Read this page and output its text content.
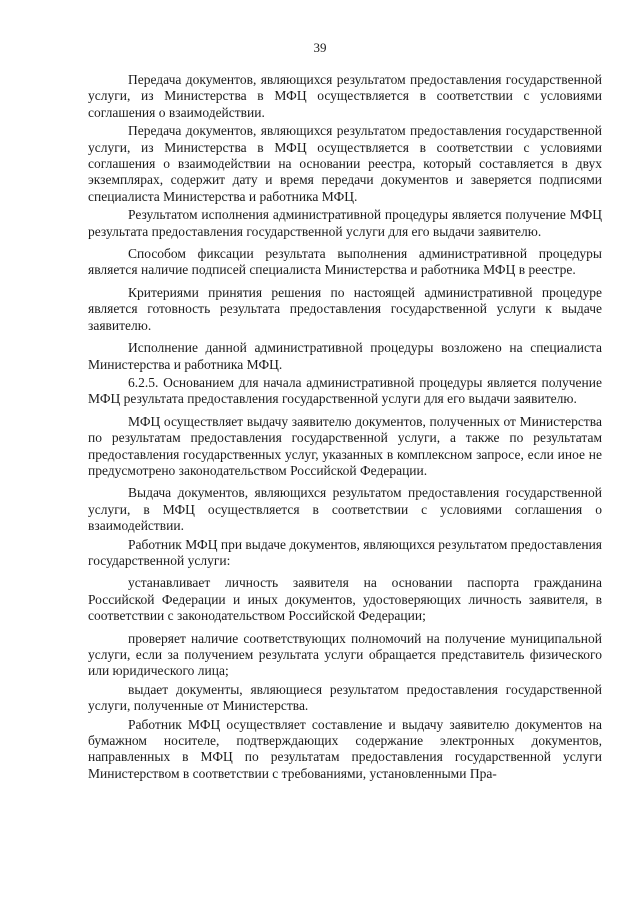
39

Передача документов, являющихся результатом предоставления государственной услуги, из Министерства в МФЦ осуществляется в соответствии с условиями соглашения о взаимодействии.

Передача документов, являющихся результатом предоставления государственной услуги, из Министерства в МФЦ осуществляется в соответствии с условиями соглашения о взаимодействии на основании реестра, который составляется в двух экземплярах, содержит дату и время передачи документов и заверяется подписями специалиста Министерства и работника МФЦ.

Результатом исполнения административной процедуры является получение МФЦ результата предоставления государственной услуги для его выдачи заявителю.

Способом фиксации результата выполнения административной процедуры является наличие подписей специалиста Министерства и работника МФЦ в реестре.

Критериями принятия решения по настоящей административной процедуре является готовность результата предоставления государственной услуги к выдаче заявителю.

Исполнение данной административной процедуры возложено на специалиста Министерства и работника МФЦ.

6.2.5. Основанием для начала административной процедуры является получение МФЦ результата предоставления государственной услуги для его выдачи заявителю.

МФЦ осуществляет выдачу заявителю документов, полученных от Министерства по результатам предоставления государственной услуги, а также по результатам предоставления государственных услуг, указанных в комплексном запросе, если иное не предусмотрено законодательством Российской Федерации.

Выдача документов, являющихся результатом предоставления государственной услуги, в МФЦ осуществляется в соответствии с условиями соглашения о взаимодействии.

Работник МФЦ при выдаче документов, являющихся результатом предоставления государственной услуги:

устанавливает личность заявителя на основании паспорта гражданина Российской Федерации и иных документов, удостоверяющих личность заявителя, в соответствии с законодательством Российской Федерации;

проверяет наличие соответствующих полномочий на получение муниципальной услуги, если за получением результата услуги обращается представитель физического или юридического лица;

выдает документы, являющиеся результатом предоставления государственной услуги, полученные от Министерства.

Работник МФЦ осуществляет составление и выдачу заявителю документов на бумажном носителе, подтверждающих содержание электронных документов, направленных в МФЦ по результатам предоставления государственной услуги Министерством в соответствии с требованиями, установленными Пра-
